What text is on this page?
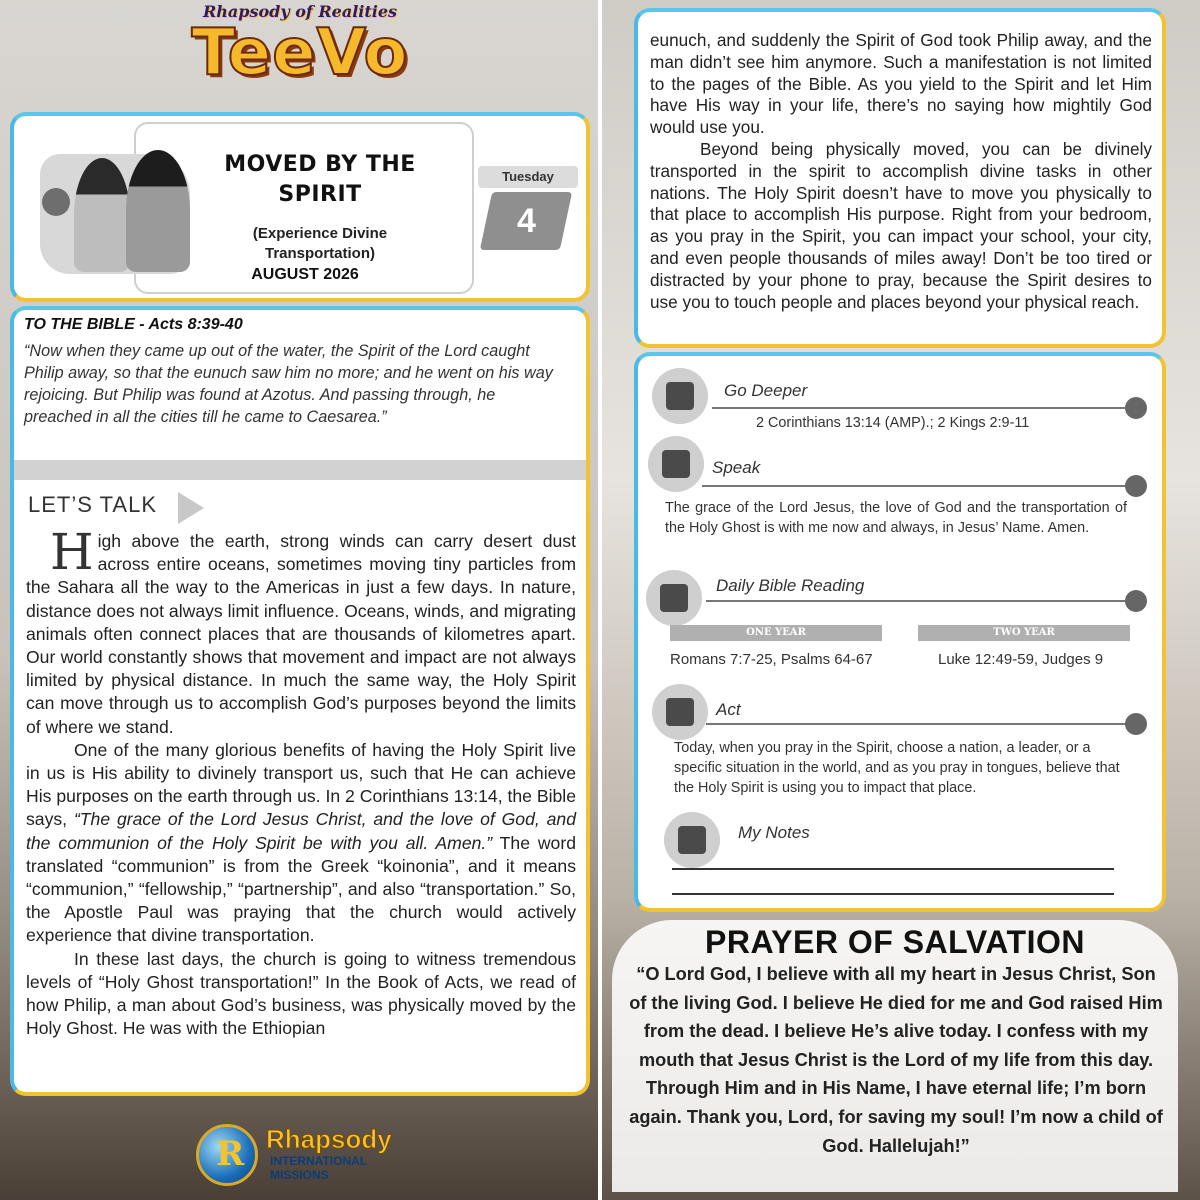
Rhapsody of Realities
TeeVo
MOVED BY THE
SPIRIT
(Experience Divine Transportation)
AUGUST 2026
Tuesday
4
TO THE BIBLE - Acts 8:39-40
“Now when they came up out of the water, the Spirit of the Lord caught Philip away, so that the eunuch saw him no more; and he went on his way rejoicing. But Philip was found at Azotus. And passing through, he preached in all the cities till he came to Caesarea.”
LET’S TALK

High above the earth, strong winds can carry desert dust across entire oceans, sometimes moving tiny particles from the Sahara all the way to the Americas in just a few days. In nature, distance does not always limit influence. Oceans, winds, and migrating animals often connect places that are thousands of kilometres apart. Our world constantly shows that movement and impact are not always limited by physical distance. In much the same way, the Holy Spirit can move through us to accomplish God’s purposes beyond the limits of where we stand.

One of the many glorious benefits of having the Holy Spirit live in us is His ability to divinely transport us, such that He can achieve His purposes on the earth through us. In 2 Corinthians 13:14, the Bible says, “The grace of the Lord Jesus Christ, and the love of God, and the communion of the Holy Spirit be with you all. Amen.” The word translated “communion” is from the Greek “koinonia”, and it means “communion,” “fellowship,” “partnership”, and also “transportation.” So, the Apostle Paul was praying that the church would actively experience that divine transportation.

In these last days, the church is going to witness tremendous levels of “Holy Ghost transportation!” In the Book of Acts, we read of how Philip, a man about God’s business, was physically moved by the Holy Ghost. He was with the Ethiopian

R Rhapsody
INTERNATIONAL
MISSIONS

eunuch, and suddenly the Spirit of God took Philip away, and the man didn’t see him anymore. Such a manifestation is not limited to the pages of the Bible. As you yield to the Spirit and let Him have His way in your life, there’s no saying how mightily God would use you.

Beyond being physically moved, you can be divinely transported in the spirit to accomplish divine tasks in other nations. The Holy Spirit doesn’t have to move you physically to that place to accomplish His purpose. Right from your bedroom, as you pray in the Spirit, you can impact your school, your city, and even people thousands of miles away! Don’t be too tired or distracted by your phone to pray, because the Spirit desires to use you to touch people and places beyond your physical reach.

Go Deeper
2 Corinthians 13:14 (AMP).; 2 Kings 2:9-11
Speak
The grace of the Lord Jesus, the love of God and the transportation of the Holy Ghost is with me now and always, in Jesus’ Name. Amen.
Daily Bible Reading
ONE YEAR	TWO YEAR
Romans 7:7-25, Psalms 64-67	Luke 12:49-59, Judges 9
Act
Today, when you pray in the Spirit, choose a nation, a leader, or a specific situation in the world, and as you pray in tongues, believe that the Holy Spirit is using you to impact that place.
My Notes
PRAYER OF SALVATION
“O Lord God, I believe with all my heart in Jesus Christ, Son of the living God. I believe He died for me and God raised Him from the dead. I believe He’s alive today. I confess with my mouth that Jesus Christ is the Lord of my life from this day. Through Him and in His Name, I have eternal life; I’m born again. Thank you, Lord, for saving my soul! I’m now a child of God. Hallelujah!”
